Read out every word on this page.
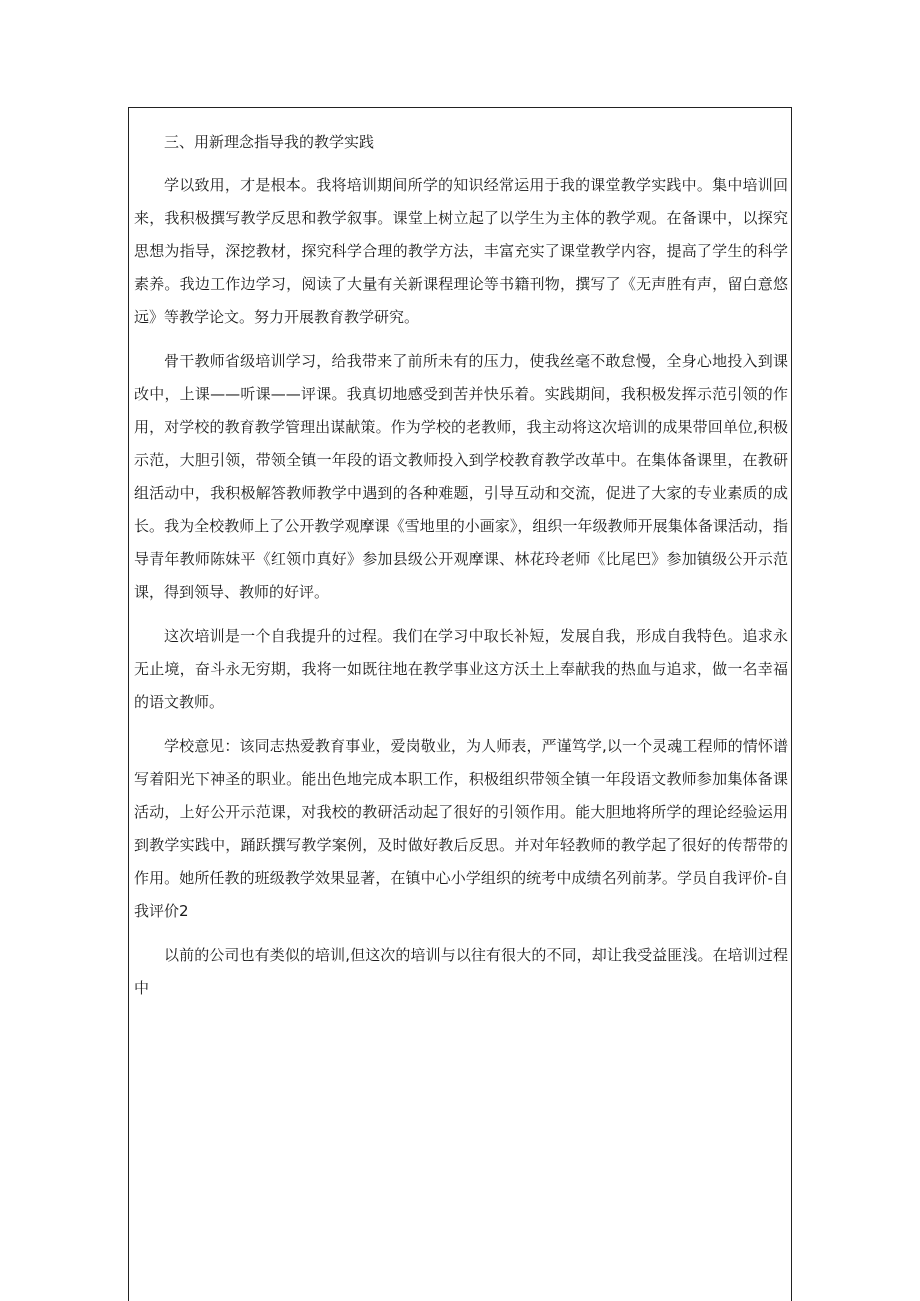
三、用新理念指导我的教学实践

学以致用，才是根本。我将培训期间所学的知识经常运用于我的课堂教学实践中。集中培训回来，我积极撰写教学反思和教学叙事。课堂上树立起了以学生为主体的教学观。在备课中，以探究思想为指导，深挖教材，探究科学合理的教学方法，丰富充实了课堂教学内容，提高了学生的科学素养。我边工作边学习，阅读了大量有关新课程理论等书籍刊物，撰写了《无声胜有声，留白意悠远》等教学论文。努力开展教育教学研究。

骨干教师省级培训学习，给我带来了前所未有的压力，使我丝毫不敢怠慢，全身心地投入到课改中，上课——听课——评课。我真切地感受到苦并快乐着。实践期间，我积极发挥示范引领的作用，对学校的教育教学管理出谋献策。作为学校的老教师，我主动将这次培训的成果带回单位,积极示范，大胆引领，带领全镇一年段的语文教师投入到学校教育教学改革中。在集体备课里，在教研组活动中，我积极解答教师教学中遇到的各种难题，引导互动和交流，促进了大家的专业素质的成长。我为全校教师上了公开教学观摩课《雪地里的小画家》，组织一年级教师开展集体备课活动，指导青年教师陈妹平《红领巾真好》参加县级公开观摩课、林花玲老师《比尾巴》参加镇级公开示范课，得到领导、教师的好评。

这次培训是一个自我提升的过程。我们在学习中取长补短，发展自我，形成自我特色。追求永无止境，奋斗永无穷期，我将一如既往地在教学事业这方沃土上奉献我的热血与追求，做一名幸福的语文教师。

学校意见：该同志热爱教育事业，爱岗敬业，为人师表，严谨笃学,以一个灵魂工程师的情怀谱写着阳光下神圣的职业。能出色地完成本职工作，积极组织带领全镇一年段语文教师参加集体备课活动，上好公开示范课，对我校的教研活动起了很好的引领作用。能大胆地将所学的理论经验运用到教学实践中，踊跃撰写教学案例，及时做好教后反思。并对年轻教师的教学起了很好的传帮带的作用。她所任教的班级教学效果显著，在镇中心小学组织的统考中成绩名列前茅。学员自我评价-自我评价2

以前的公司也有类似的培训,但这次的培训与以往有很大的不同，却让我受益匪浅。在培训过程中
